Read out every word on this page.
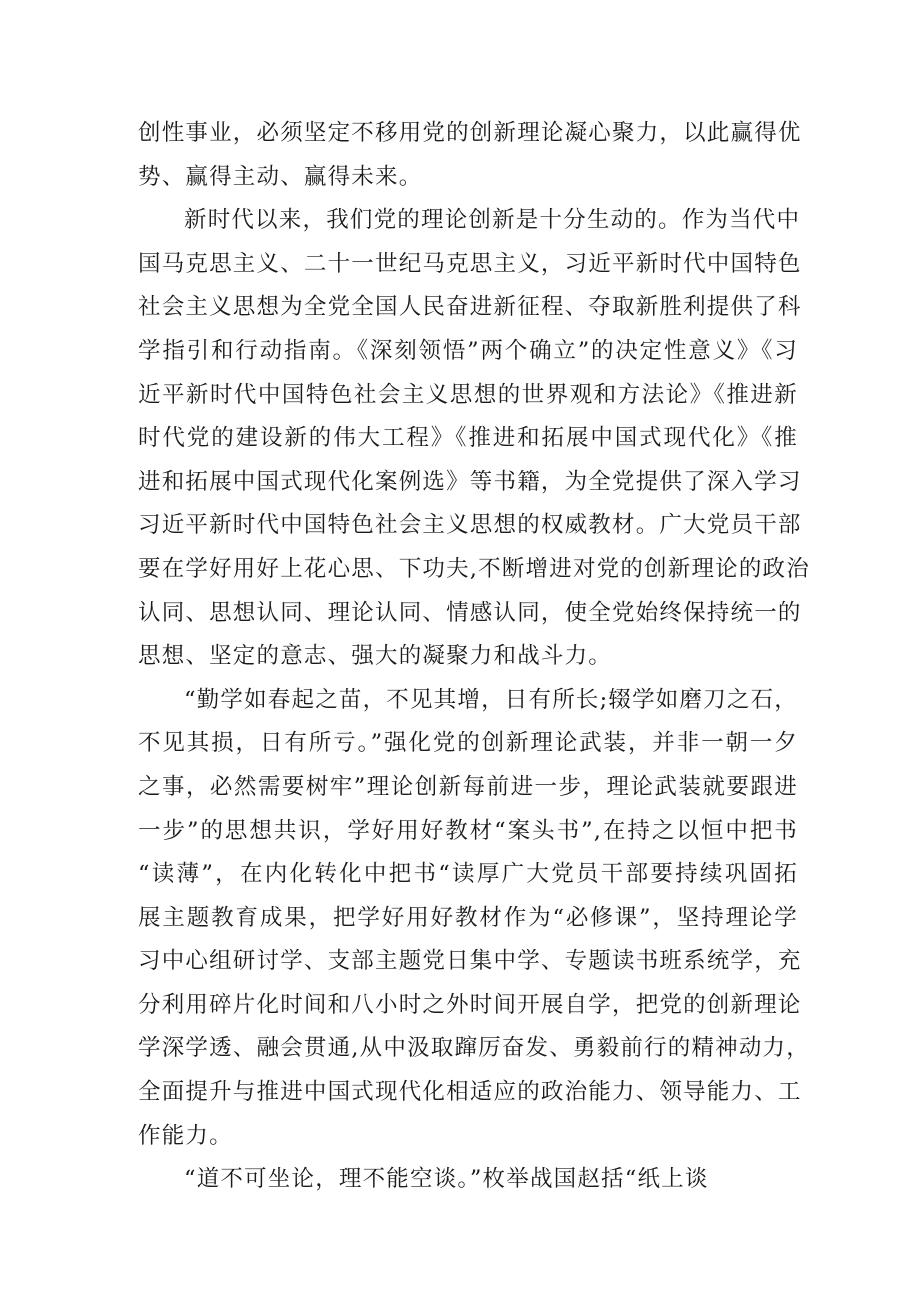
创性事业，必须坚定不移用党的创新理论凝心聚力，以此赢得优
势、赢得主动、赢得未来。
新时代以来，我们党的理论创新是十分生动的。作为当代中
国马克思主义、二十一世纪马克思主义，习近平新时代中国特色
社会主义思想为全党全国人民奋进新征程、夺取新胜利提供了科
学指引和行动指南。《深刻领悟”两个确立”的决定性意义》《习
近平新时代中国特色社会主义思想的世界观和方法论》《推进新
时代党的建设新的伟大工程》《推进和拓展中国式现代化》《推
进和拓展中国式现代化案例选》等书籍，为全党提供了深入学习
习近平新时代中国特色社会主义思想的权威教材。广大党员干部
要在学好用好上花心思、下功夫,不断增进对党的创新理论的政治
认同、思想认同、理论认同、情感认同，使全党始终保持统一的
思想、坚定的意志、强大的凝聚力和战斗力。
“勤学如春起之苗，不见其增，日有所长;辍学如磨刀之石，
不见其损，日有所亏。”强化党的创新理论武装，并非一朝一夕
之事，必然需要树牢”理论创新每前进一步，理论武装就要跟进
一步”的思想共识，学好用好教材“案头书”,在持之以恒中把书
“读薄”，在内化转化中把书“读厚广大党员干部要持续巩固拓
展主题教育成果，把学好用好教材作为“必修课”，坚持理论学
习中心组研讨学、支部主题党日集中学、专题读书班系统学，充
分利用碎片化时间和八小时之外时间开展自学，把党的创新理论
学深学透、融会贯通,从中汲取蹿厉奋发、勇毅前行的精神动力，
全面提升与推进中国式现代化相适应的政治能力、领导能力、工
作能力。
“道不可坐论，理不能空谈。”枚举战国赵括“纸上谈
